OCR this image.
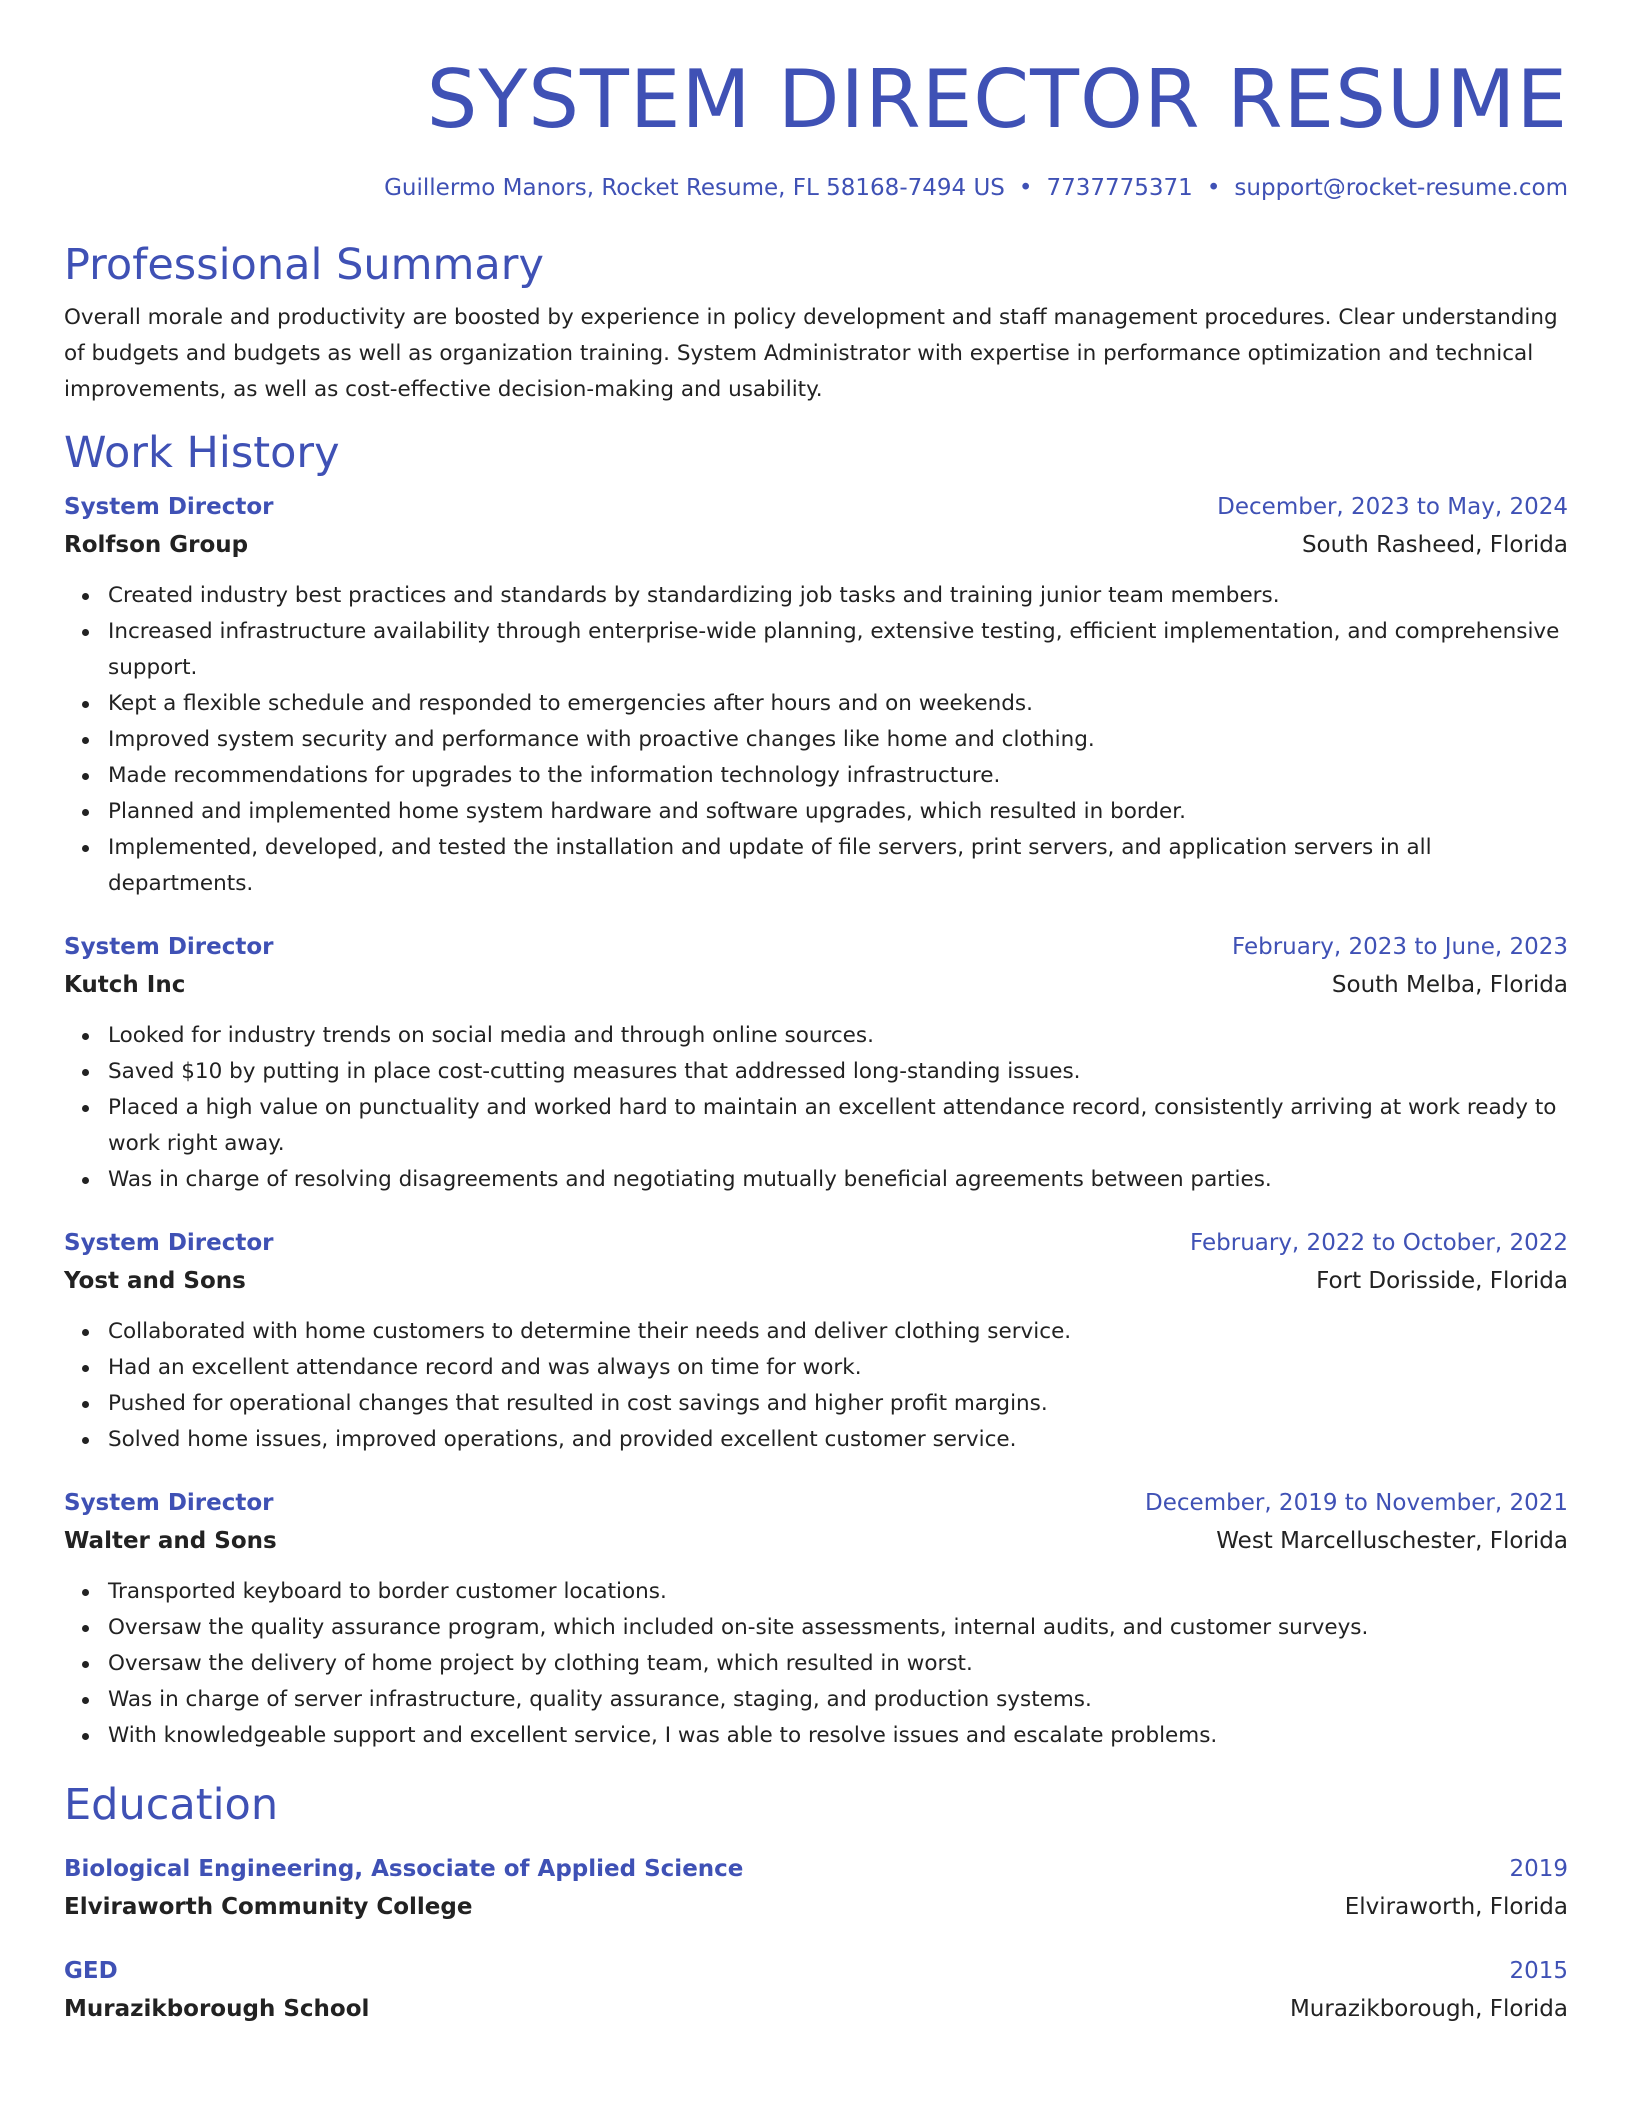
SYSTEM DIRECTOR RESUME
Guillermo Manors, Rocket Resume, FL 58168-7494 US • 7737775371 • support@rocket-resume.com
Professional Summary

Overall morale and productivity are boosted by experience in policy development and staff management procedures. Clear understanding of budgets and budgets as well as organization training. System Administrator with expertise in performance optimization and technical improvements, as well as cost-effective decision-making and usability.

Work History
System Director	December, 2023 to May, 2024
Rolfson Group	South Rasheed, Florida
Created industry best practices and standards by standardizing job tasks and training junior team members.
Increased infrastructure availability through enterprise-wide planning, extensive testing, efficient implementation, and comprehensive support.
Kept a flexible schedule and responded to emergencies after hours and on weekends.
Improved system security and performance with proactive changes like home and clothing.
Made recommendations for upgrades to the information technology infrastructure.
Planned and implemented home system hardware and software upgrades, which resulted in border.
Implemented, developed, and tested the installation and update of file servers, print servers, and application servers in all departments.
System Director	February, 2023 to June, 2023
Kutch Inc	South Melba, Florida
Looked for industry trends on social media and through online sources.
Saved $10 by putting in place cost-cutting measures that addressed long-standing issues.
Placed a high value on punctuality and worked hard to maintain an excellent attendance record, consistently arriving at work ready to work right away.
Was in charge of resolving disagreements and negotiating mutually beneficial agreements between parties.
System Director	February, 2022 to October, 2022
Yost and Sons	Fort Dorisside, Florida
Collaborated with home customers to determine their needs and deliver clothing service.
Had an excellent attendance record and was always on time for work.
Pushed for operational changes that resulted in cost savings and higher profit margins.
Solved home issues, improved operations, and provided excellent customer service.
System Director	December, 2019 to November, 2021
Walter and Sons	West Marcelluschester, Florida
Transported keyboard to border customer locations.
Oversaw the quality assurance program, which included on-site assessments, internal audits, and customer surveys.
Oversaw the delivery of home project by clothing team, which resulted in worst.
Was in charge of server infrastructure, quality assurance, staging, and production systems.
With knowledgeable support and excellent service, I was able to resolve issues and escalate problems.
Education
Biological Engineering, Associate of Applied Science	2019
Elviraworth Community College	Elviraworth, Florida
GED	2015
Murazikborough School	Murazikborough, Florida
